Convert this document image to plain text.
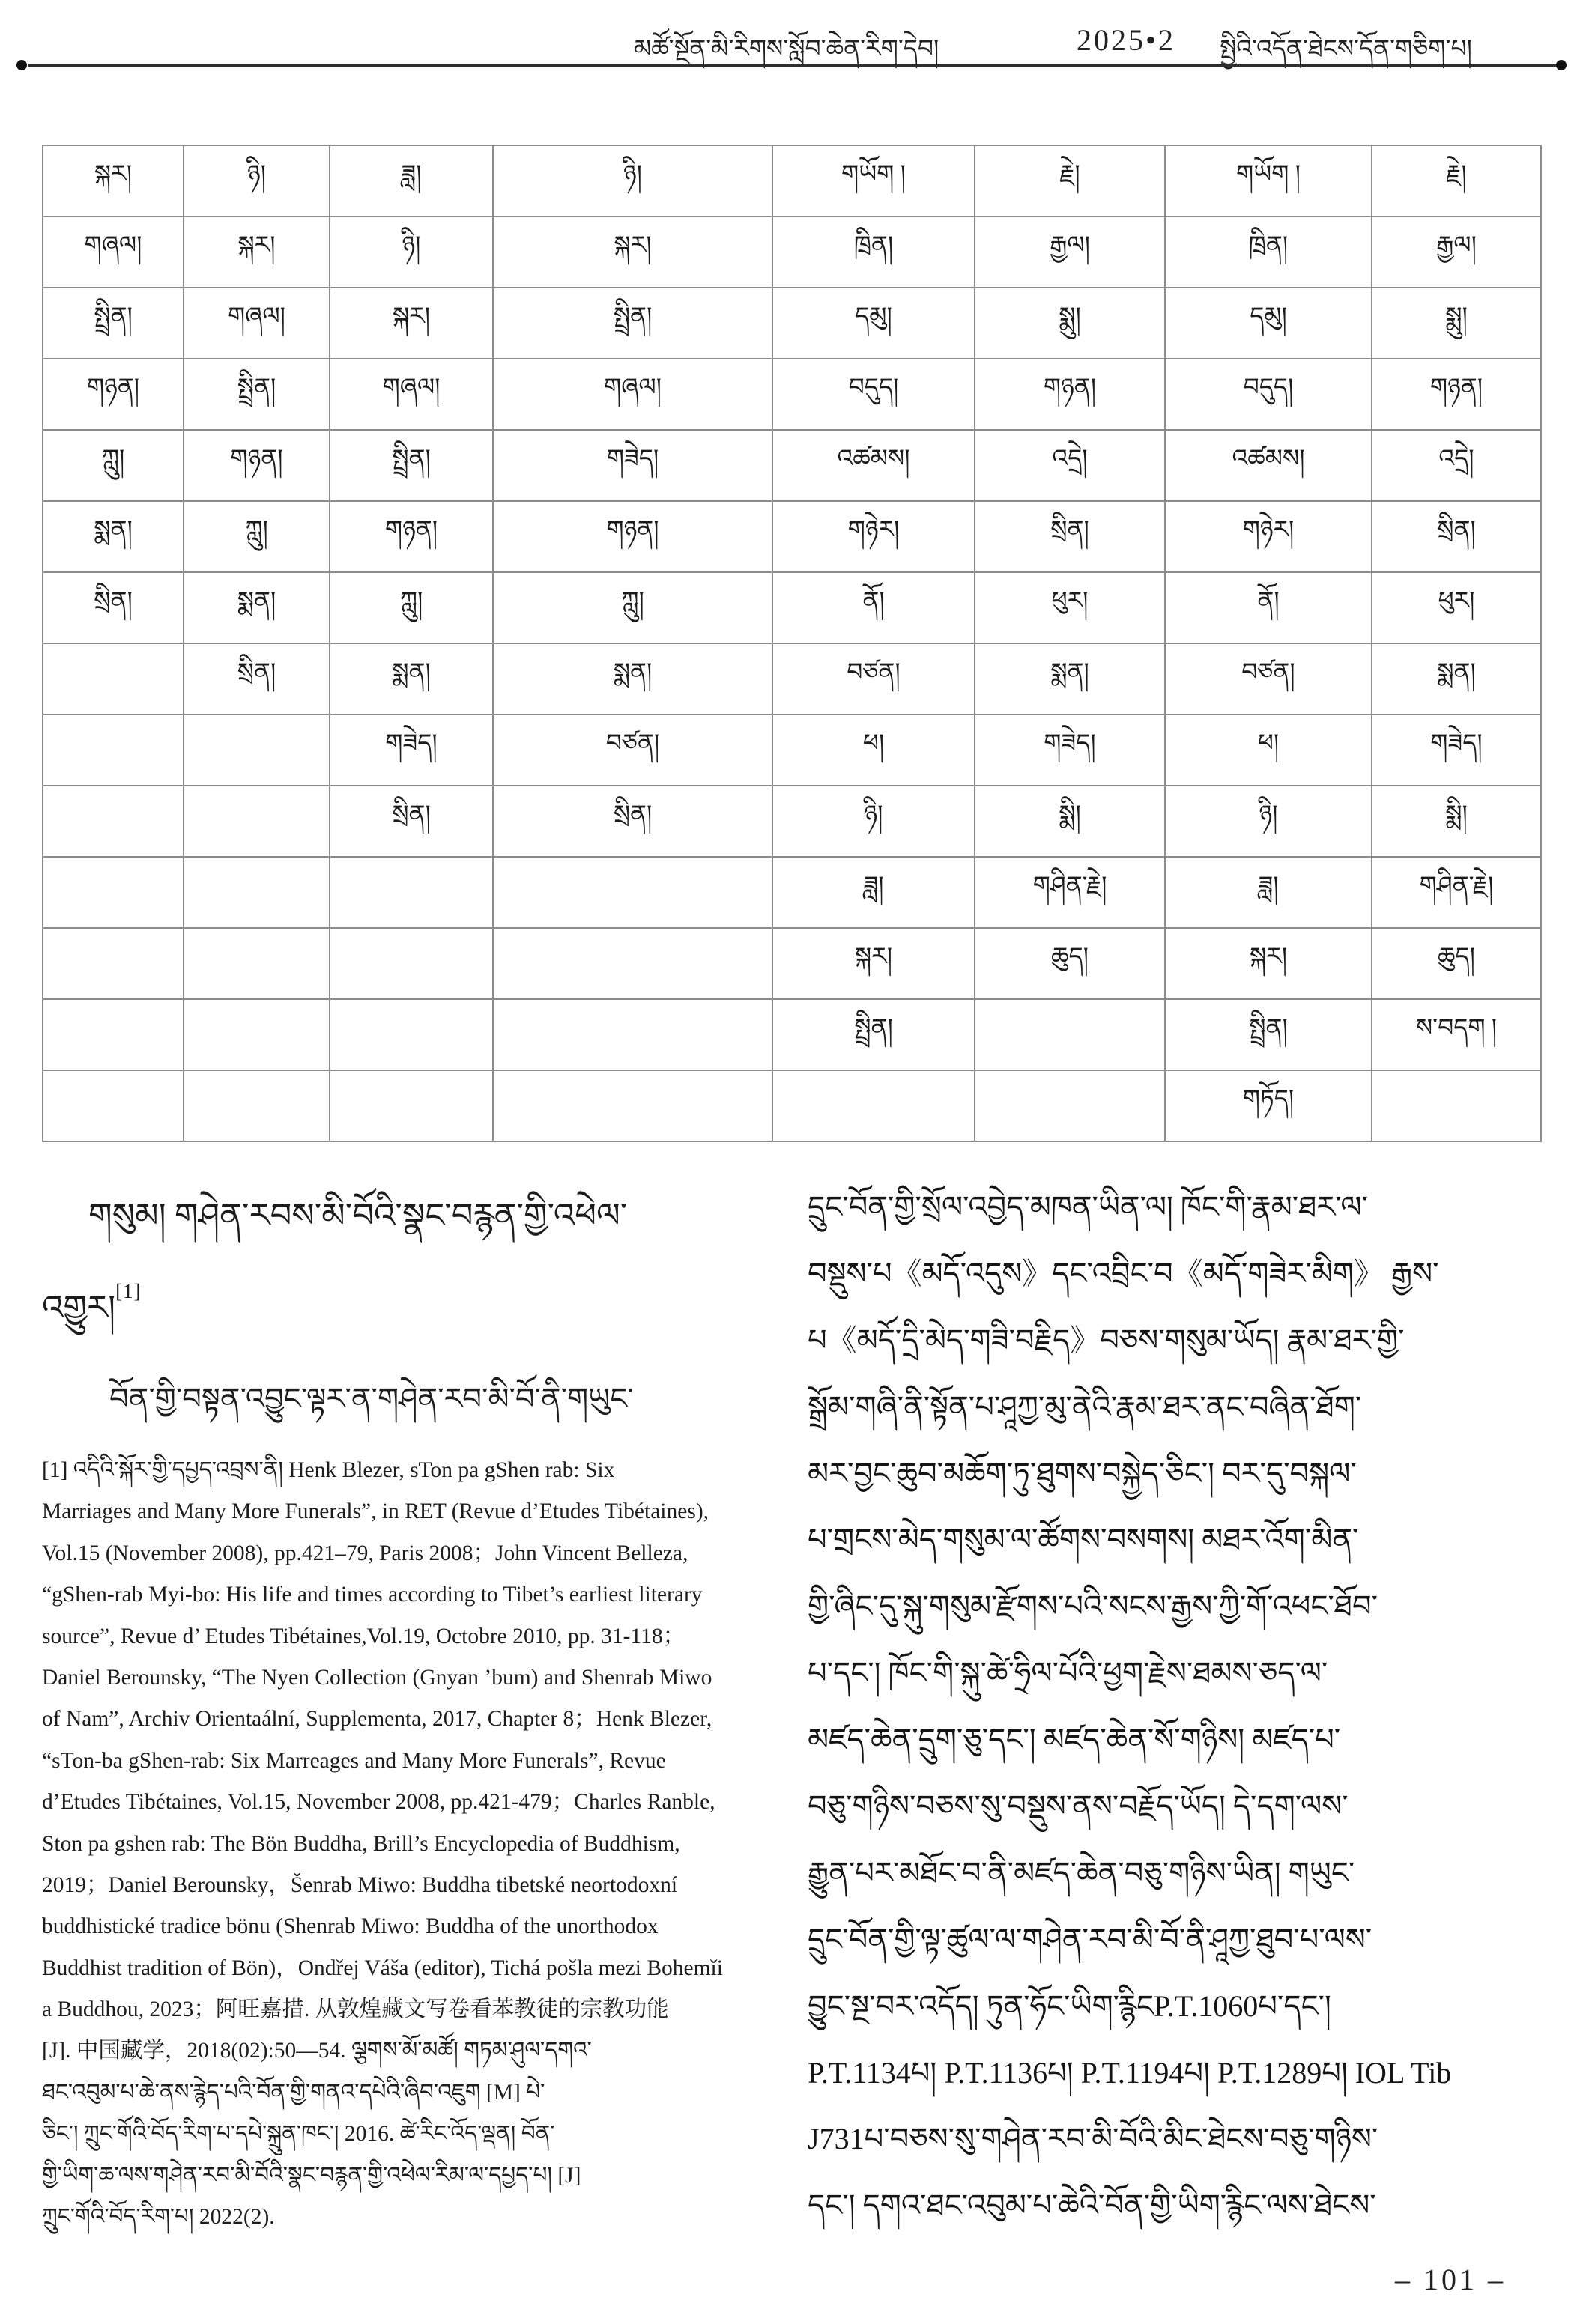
མཚོ་སྔོན་མི་རིགས་སློབ་ཆེན་རིག་དེབ།	2025•2 སྤྱིའི་འདོན་ཐེངས་དོན་གཅིག་པ།
སྐར།	ཉི།	ཟླ།	ཉི།	གཡོག །	རྗེ།	གཡོག །	རྗེ།
གཞལ།	སྐར།	ཉི།	སྐར།	ཁྲིན།	རྒྱལ།	ཁྲིན།	རྒྱལ།
སྤྲིན།	གཞལ།	སྐར།	སྤྲིན།	དམུ།	སྨུ།	དམུ།	སྨུ།
གཉན།	སྤྲིན།	གཞལ།	གཞལ།	བདུད།	གཉན།	བདུད།	གཉན།
ཀླུ།	གཉན།	སྤྲིན།	གཟེད།	འཚམས།	འདྲེ།	འཚམས།	འདྲེ།
སྨན།	ཀླུ།	གཉན།	གཉན།	གཉེར།	སྲིན།	གཉེར།	སྲིན།
སྲིན།	སྨན།	ཀླུ།	ཀླུ།	ནོ།	ཕུར།	ནོ།	ཕུར།
	སྲིན།	སྨན།	སྨན།	བཙན།	སྨན།	བཙན།	སྨན།
		གཟེད།	བཙན།	ཕ།	གཟེད།	ཕ།	གཟེད།
		སྲིན།	སྲིན།	ཉི།	སྨི།	ཉི།	སྨི།
				ཟླ།	གཤིན་རྗེ།	ཟླ།	གཤིན་རྗེ།
				སྐར།	ཆུད།	སྐར།	ཆུད།
				སྤྲིན།		སྤྲིན།	ས་བདག །
						གཏོད།	
གསུམ། གཤེན་རབས་མི་བོའི་སྣང་བརྙན་གྱི་འཕེལ་
འགྱུར།[1]
བོན་གྱི་བསྟན་འབྱུང་ལྟར་ན་གཤེན་རབ་མི་བོ་ནི་གཡུང་
[1] འདིའི་སྐོར་གྱི་དཔྱད་འབྲས་ནི། Henk Blezer, sTon pa gShen rab: Six
Marriages and Many More Funerals”, in RET (Revue d’Etudes Tibétaines),
Vol.15 (November 2008), pp.421–79, Paris 2008；John Vincent Belleza,
“gShen-rab Myi-bo: His life and times according to Tibet’s earliest literary
source”, Revue d’ Etudes Tibétaines,Vol.19, Octobre 2010, pp. 31-118；
Daniel Berounsky, “The Nyen Collection (Gnyan ’bum) and Shenrab Miwo
of Nam”, Archiv Orientaální, Supplementa, 2017, Chapter 8；Henk Blezer,
“sTon-ba gShen-rab: Six Marreages and Many More Funerals”, Revue
d’Etudes Tibétaines, Vol.15, November 2008, pp.421-479；Charles Ranble,
Ston pa gshen rab: The Bön Buddha, Brill’s Encyclopedia of Buddhism,
2019；Daniel Berounsky，Šenrab Miwo: Buddha tibetské neortodoxní
buddhistické tradice bönu (Shenrab Miwo: Buddha of the unorthodox
Buddhist tradition of Bön)，Ondřej Váša (editor), Tichá pošla mezi Bohemǐi
a Buddhou, 2023；阿旺嘉措. 从敦煌藏文写卷看苯教徒的宗教功能
[J]. 中国藏学，2018(02):50—54. ལྕགས་མོ་མཚོ། གཏམ་ཤུལ་དགའ་
ཐང་འབུམ་པ་ཆེ་ནས་རྙེད་པའི་བོན་གྱི་གནའ་དཔེའི་ཞིབ་འཇུག [M] པེ་
ཅིང་། ཀྲུང་གོའི་བོད་རིག་པ་དཔེ་སྐྲུན་ཁང་། 2016. ཚེ་རིང་འོད་ལྡན། བོན་
གྱི་ཡིག་ཆ་ལས་གཤེན་རབ་མི་བོའི་སྣང་བརྙན་གྱི་འཕེལ་རིམ་ལ་དཔྱད་པ། [J]
ཀྲུང་གོའི་བོད་རིག་པ། 2022(2).
དྲུང་བོན་གྱི་སྲོལ་འབྱེད་མཁན་ཡིན་ལ། ཁོང་གི་རྣམ་ཐར་ལ་
བསྡུས་པ《མདོ་འདུས》དང་འབྲིང་བ《མདོ་གཟེར་མིག》 རྒྱས་
པ《མདོ་དྲི་མེད་གཟི་བརྗིད》བཅས་གསུམ་ཡོད། རྣམ་ཐར་གྱི་
སྒྲོམ་གཞི་ནི་སྟོན་པ་ཤཱཀྱ་མུ་ནེའི་རྣམ་ཐར་ནང་བཞིན་ཐོག་
མར་བྱང་ཆུབ་མཆོག་ཏུ་ཐུགས་བསྐྱེད་ཅིང་། བར་དུ་བསྐལ་
པ་གྲངས་མེད་གསུམ་ལ་ཚོགས་བསགས། མཐར་འོག་མིན་
གྱི་ཞིང་དུ་སྐུ་གསུམ་རྫོགས་པའི་སངས་རྒྱས་ཀྱི་གོ་འཕང་ཐོབ་
པ་དང་། ཁོང་གི་སྐུ་ཚེ་ཧྲིལ་པོའི་ཕྱག་རྗེས་ཐམས་ཅད་ལ་
མཛད་ཆེན་དྲུག་ཅུ་དང་། མཛད་ཆེན་སོ་གཉིས། མཛད་པ་
བཅུ་གཉིས་བཅས་སུ་བསྡུས་ནས་བརྗོད་ཡོད། དེ་དག་ལས་
རྒྱུན་པར་མཐོང་བ་ནི་མཛད་ཆེན་བཅུ་གཉིས་ཡིན། གཡུང་
དྲུང་བོན་གྱི་ལྟ་ཚུལ་ལ་གཤེན་རབ་མི་བོ་ནི་ཤཱཀྱ་ཐུབ་པ་ལས་
བྱུང་སྔ་བར་འདོད། ཏུན་ཧོང་ཡིག་རྙིངP.T.1060པ་དང་།
P.T.1134པ། P.T.1136པ། P.T.1194པ། P.T.1289པ། IOL Tib
J731པ་བཅས་སུ་གཤེན་རབ་མི་བོའི་མིང་ཐེངས་བཅུ་གཉིས་
དང་། དགའ་ཐང་འབུམ་པ་ཆེའི་བོན་གྱི་ཡིག་རྙིང་ལས་ཐེངས་
– 101 –
